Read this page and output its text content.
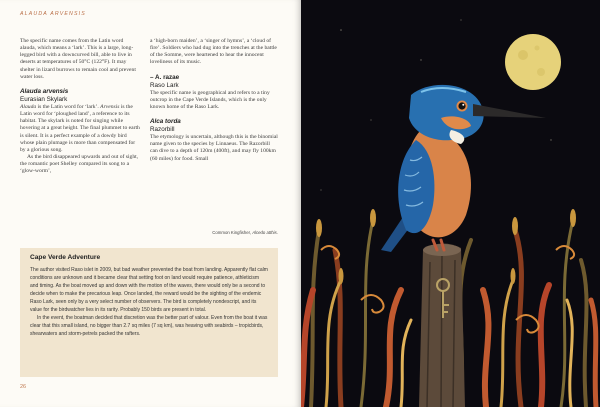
ALAUDA ARVENSIS

The specific name comes from the Latin word alauda, which means a ‘lark’. This is a large, long-legged bird with a downcurved bill, able to live in deserts at temperatures of 50°C (122°F). It may shelter in lizard burrows to remain cool and prevent water loss.

Alauda arvensis
Eurasian Skylark

Alauda is the Latin word for ‘lark’. Arvensis is the Latin word for ‘ploughed land’, a reference to its habitat. The skylark is noted for singing while hovering at a great height. The final plummet to earth is silent. It is a perfect example of a dowdy bird whose plain plumage is more than compensated for by a glorious song.

As the bird disappeared upwards and out of sight, the romantic poet Shelley compared its song to a ‘glow-worm’,

a ‘high-born maiden’, a ‘singer of hymns’, a ‘cloud of fire’. Soldiers who had dug into the trenches at the battle of the Somme, were heartened to hear the innocent loveliness of its music.

– A. razae
Raso Lark

The specific name is geographical and refers to a tiny outcrop in the Cape Verde Islands, which is the only known home of the Raso Lark.

Alca torda
Razorbill

The etymology is uncertain, although this is the binomial name given to the species by Linnaeus. The Razorbill can dive to a depth of 120m (400ft), and may fly 100km (60 miles) for food. Small

Common Kingfisher, Alcedo atthis.
Cape Verde Adventure

The author visited Raso islet in 2009, but bad weather prevented the boat from landing. Apparently flat calm conditions are unknown and it became clear that setting foot on land would require patience, athleticism and timing. As the boat moved up and down with the motion of the waves, there would only be a second to decide when to make the precarious leap. Once landed, the reward would be the sighting of the endemic Raso Lark, seen only by a very select number of observers. The bird is completely nondescript, and its value for the birdwatcher lies in its rarity. Probably 150 birds are present in total.

In the event, the boatman decided that discretion was the better part of valour. Even from the boat it was clear that this small island, no bigger than 2.7 sq miles (7 sq km), was heaving with seabirds – tropicbirds, shearwaters and storm-petrels packed the rafters.

26
